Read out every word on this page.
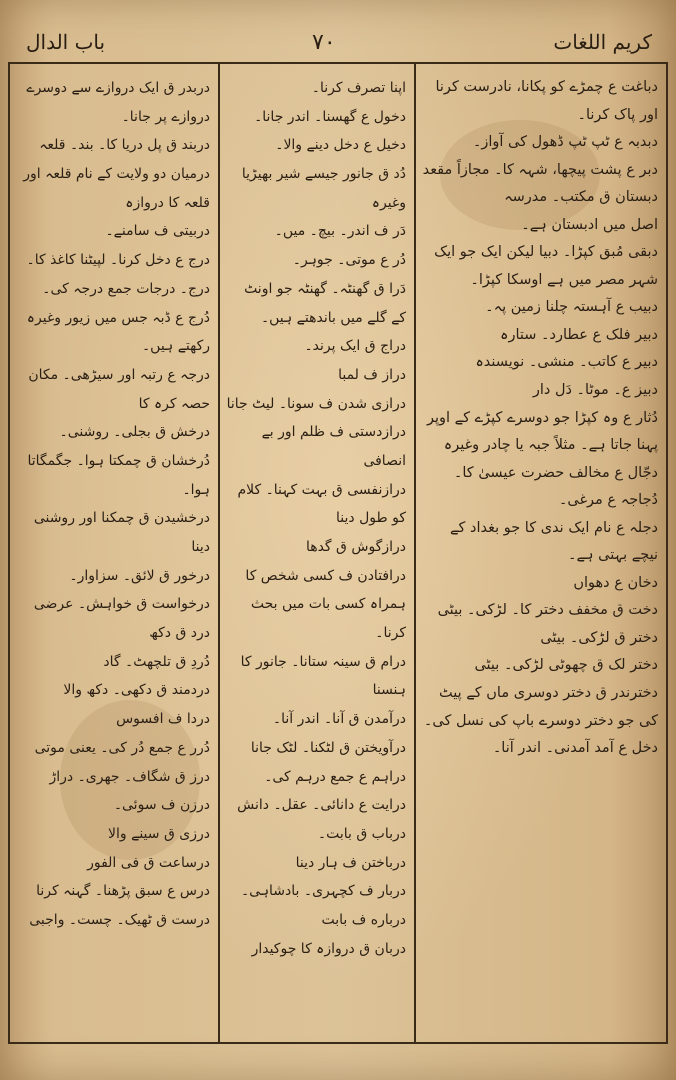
کریم اللغات
۷۰
باب الدال

دباغت ع چمڑے کو پکانا، نادرست کرنا اور پاک کرنا۔

دبدبہ ع ٹپ ٹپ ڈھول کی آواز۔

دبر ع پشت پیچھا، شہہ کا۔ مجازاً مقعد

دبستان ق مکتب۔ مدرسہ

اصل میں ادبستان ہے۔

دبقی مُبق کپڑا۔ دبیا لیکن ایک جو ایک شہر مصر میں ہے اوسکا کپڑا۔

دبیب ع آہستہ چلنا زمین پہ۔

دبیر فلک ع عطارد۔ ستارہ

دبیر ع کاتب۔ منشی۔ نویسندہ

دبیز ع۔ موٹا۔ دَل دار

دُثار ع وہ کپڑا جو دوسرے کپڑے کے اوپر پہنا جاتا ہے۔ مثلاً جبہ یا چادر وغیرہ

دجّال ع مخالف حضرت عیسیٰ کا۔

دُجاجہ ع مرغی۔

دجلہ ع نام ایک ندی کا جو بغداد کے نیچے بہتی ہے۔

دخان ع دھواں

دخت ق مخفف دختر کا۔ لڑکی۔ بیٹی

دختر ق لڑکی۔ بیٹی

دختر لک ق چھوٹی لڑکی۔ بیٹی

دخترندر ق دختر دوسری ماں کے پیٹ کی جو دختر دوسرے باپ کی نسل کی۔

دخل ع آمد آمدنی۔ اندر آنا۔

اپنا تصرف کرنا۔

دخول ع گھسنا۔ اندر جانا۔

دخیل ع دخل دینے والا۔

دُد ق جانور جیسے شیر بھیڑیا وغیرہ

دَر ف اندر۔ بیچ۔ میں۔

دُر ع موتی۔ جوہر۔

دَرا ق گھنٹہ۔ گھنٹہ جو اونٹ کے گلے میں باندھتے ہیں۔

دراج ق ایک پرند۔

دراز ف لمبا

درازی شدن ف سونا۔ لیٹ جانا

درازدستی ف ظلم اور بے انصافی

درازنفسی ق بہت کہنا۔ کلام کو طول دینا

درازگوش ق گدھا

درافتادن ف کسی شخص کا ہمراہ کسی بات میں بحث کرنا۔

درام ق سینہ ستانا۔ جانور کا ہنسنا

درآمدن ق آنا۔ اندر آنا۔

درآویختن ق لٹکنا۔ لٹک جانا

دراہم ع جمع درہم کی۔

درایت ع دانائی۔ عقل۔ دانش

درباب ق بابت۔

درباختن ف ہار دینا

دربار ف کچہری۔ بادشاہی۔

درباره ف بابت

دربان ق دروازہ کا چوکیدار

دربدر ق ایک دروازے سے دوسرے دروازے پر جانا۔

دربند ق پل دریا کا۔ بند۔ قلعہ

درمیان دو ولایت کے نام قلعہ اور قلعہ کا دروازہ

دربیتی ف سامنے۔

درج ع دخل کرنا۔ لپیٹنا کاغذ کا۔

درج۔ درجات جمع درجہ کی۔

دُرج ع ڈبہ جس میں زیور وغیرہ رکھتے ہیں۔

درجہ ع رتبہ اور سیڑھی۔ مکان حصہ کرہ کا

درخش ق بجلی۔ روشنی۔

دُرخشان ق چمکتا ہوا۔ جگمگاتا ہوا۔

درخشیدن ق چمکنا اور روشنی دینا

درخور ق لائق۔ سزاوار۔

درخواست ق خواہش۔ عرضی

درد ق دکھ

دُردِ ق تلچھٹ۔ گاد

دردمند ق دکھی۔ دکھ والا

دردا ف افسوس

دُرر ع جمع دُر کی۔ یعنی موتی

درز ق شگاف۔ جھری۔ دراڑ

درزن ف سوئی۔

درزی ق سینے والا

درساعت ق فی الفور

درس ع سبق پڑھنا۔ گہنہ کرنا

درست ق ٹھیک۔ چست۔ واجبی
